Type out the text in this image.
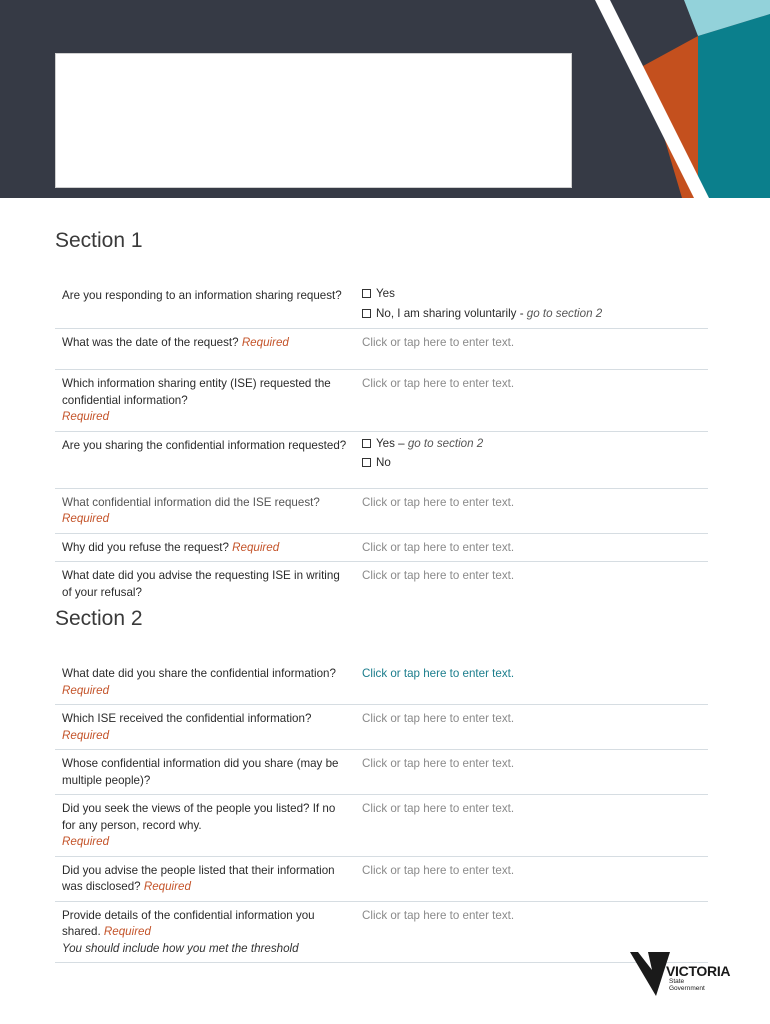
Section 1
Are you responding to an information sharing request?	Yes
No, I am sharing voluntarily - go to section 2

What was the date of the request? Required	Click or tap here to enter text.
Which information sharing entity (ISE) requested the confidential information?
Required	Click or tap here to enter text.
Are you sharing the confidential information requested?	Yes – go to section 2
No

What confidential information did the ISE request? Required	Click or tap here to enter text.
Why did you refuse the request? Required	Click or tap here to enter text.
What date did you advise the requesting ISE in writing of your refusal?	Click or tap here to enter text.
Section 2
What date did you share the confidential information? Required	Click or tap here to enter text.
Which ISE received the confidential information? Required	Click or tap here to enter text.
Whose confidential information did you share (may be multiple people)?	Click or tap here to enter text.
Did you seek the views of the people you listed? If no for any person, record why.
Required	Click or tap here to enter text.
Did you advise the people listed that their information was disclosed? Required	Click or tap here to enter text.
Provide details of the confidential information you shared. Required
You should include how you met the threshold	Click or tap here to enter text.
VICTORIA
State
Government
